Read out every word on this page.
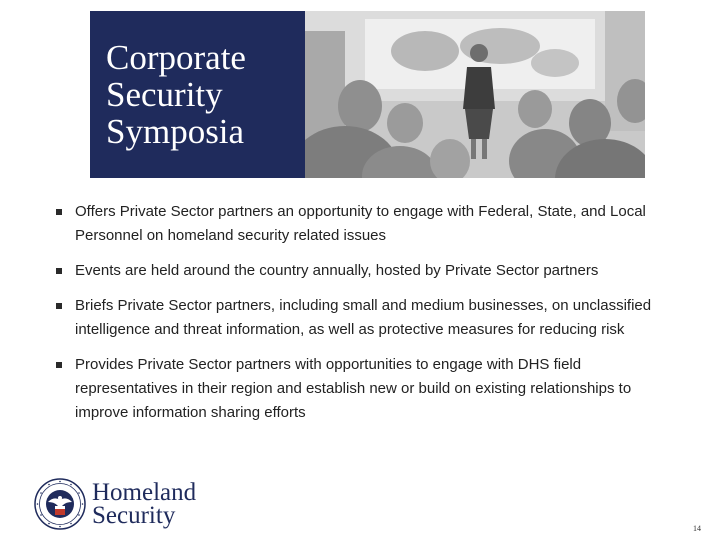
Corporate
Security
Symposia
Offers Private Sector partners an opportunity to engage with Federal, State, and Local Personnel on homeland security related issues
Events are held around the country annually, hosted by Private Sector partners
Briefs Private Sector partners, including small and medium businesses, on unclassified intelligence and threat information, as well as protective measures for reducing risk
Provides Private Sector partners with opportunities to engage with DHS field representatives in their region and establish new or build on existing relationships to improve information sharing efforts
Homeland
Security	14
